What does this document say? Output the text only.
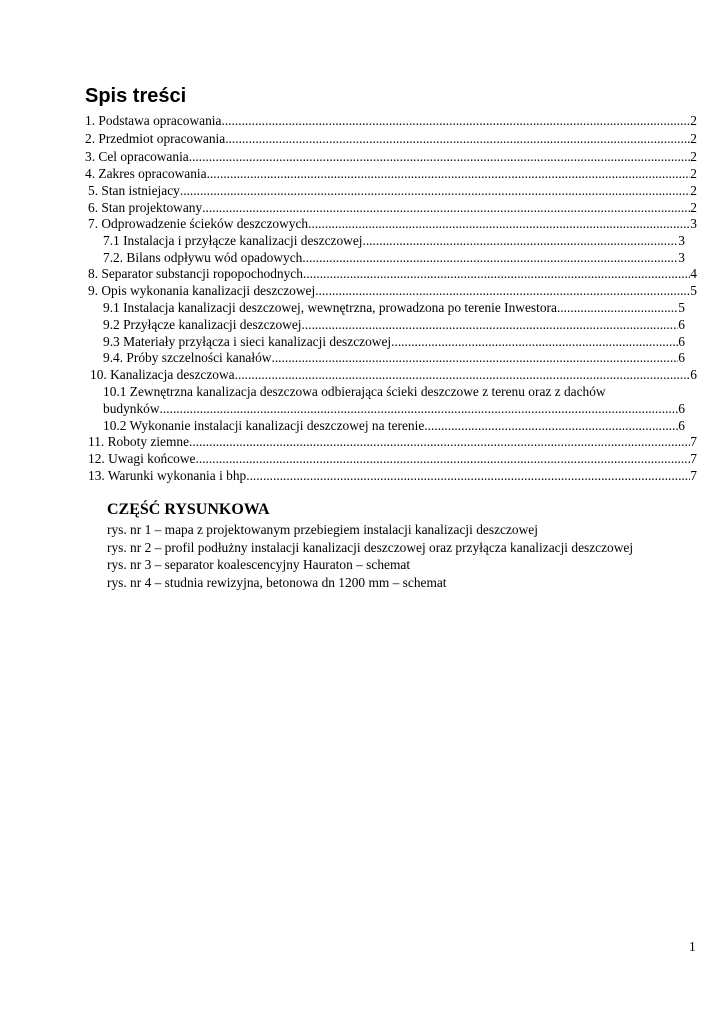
Spis treści
1. Podstawa opracowania .....	2
2. Przedmiot opracowania .....	2
3. Cel opracowania .....	2
4. Zakres opracowania .....	2
5. Stan istniejacy .....	2
6. Stan projektowany .....	2
7. Odprowadzenie ścieków deszczowych .....	3
7.1 Instalacja i przyłącze kanalizacji deszczowej .....	3
7.2. Bilans odpływu wód opadowych. .....	3
8. Separator substancji ropopochodnych .....	4
9. Opis wykonania kanalizacji deszczowej .....	5
9.1 Instalacja kanalizacji deszczowej, wewnętrzna, prowadzona po terenie Inwestora .....	5
9.2 Przyłącze kanalizacji deszczowej .....	6
9.3 Materiały przyłącza i sieci kanalizacji deszczowej .....	6
9.4. Próby szczelności kanałów .....	6
10. Kanalizacja deszczowa .....	6
10.1 Zewnętrzna kanalizacja deszczowa odbierająca ścieki deszczowe z terenu oraz z dachów
budynków .....	6
10.2 Wykonanie instalacji kanalizacji deszczowej na terenie .....	6
11. Roboty ziemne .....	7
12. Uwagi końcowe .....	7
13. Warunki wykonania i bhp .....	7
CZĘŚĆ RYSUNKOWA
rys. nr 1 – mapa z projektowanym przebiegiem instalacji kanalizacji deszczowej
rys. nr 2 – profil podłużny instalacji kanalizacji deszczowej oraz przyłącza kanalizacji deszczowej
rys. nr 3 – separator koalescencyjny Hauraton – schemat
rys. nr 4 – studnia rewizyjna, betonowa dn 1200 mm – schemat
1
